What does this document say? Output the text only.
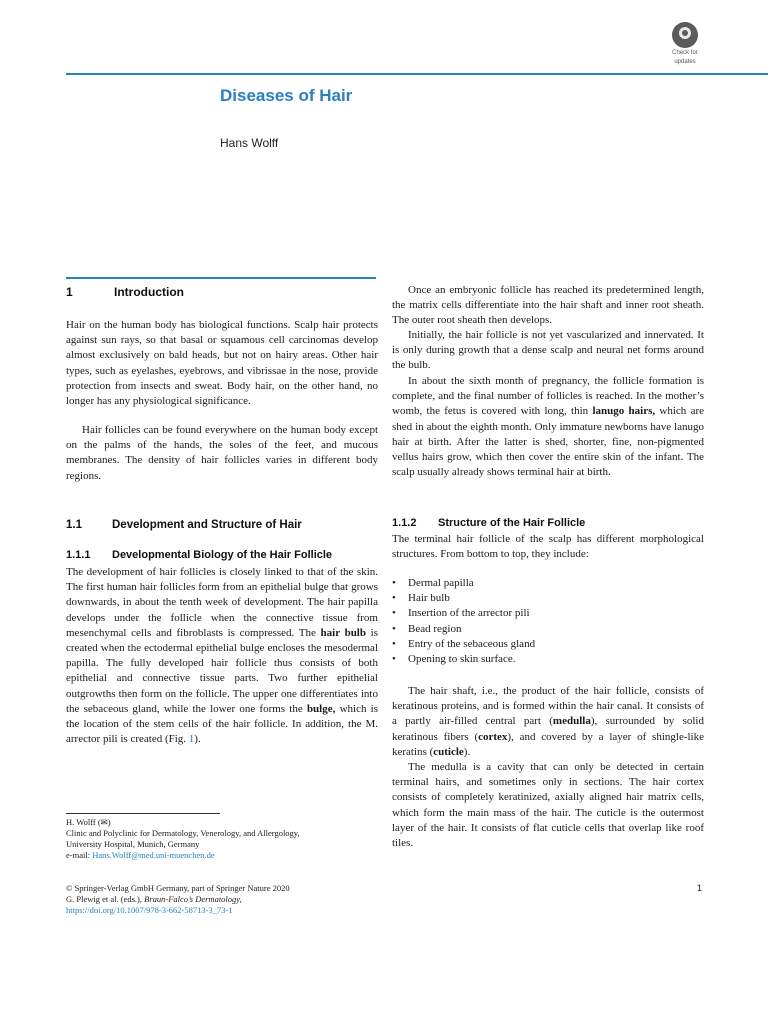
Check for
updates
Diseases of Hair
Hans Wolff
1	Introduction
Hair on the human body has biological functions. Scalp hair protects against sun rays, so that basal or squamous cell carcinomas develop almost exclusively on bald heads, but not on hairy areas. Other hair types, such as eyelashes, eyebrows, and vibrissae in the nose, provide protection from insects and sweat. Body hair, on the other hand, no longer has any physiological significance.
Hair follicles can be found everywhere on the human body except on the palms of the hands, the soles of the feet, and mucous membranes. The density of hair follicles varies in different body regions.
1.1	Development and Structure of Hair
1.1.1 Developmental Biology of the Hair Follicle
The development of hair follicles is closely linked to that of the skin. The first human hair follicles form from an epithelial bulge that grows downwards, in about the tenth week of development. The hair papilla develops under the follicle when the connective tissue from mesenchymal cells and fibroblasts is compressed. The hair bulb is created when the ectodermal epithelial bulge encloses the mesodermal papilla. The fully developed hair follicle thus consists of both epithelial and connective tissue parts. Two further epithelial outgrowths then form on the follicle. The upper one differentiates into the sebaceous gland, while the lower one forms the bulge, which is the location of the stem cells of the hair follicle. In addition, the M. arrector pili is created (Fig. 1).
Once an embryonic follicle has reached its predetermined length, the matrix cells differentiate into the hair shaft and inner root sheath. The outer root sheath then develops.
Initially, the hair follicle is not yet vascularized and innervated. It is only during growth that a dense scalp and neural net forms around the bulb.
In about the sixth month of pregnancy, the follicle formation is complete, and the final number of follicles is reached. In the mother’s womb, the fetus is covered with long, thin lanugo hairs, which are shed in about the eighth month. Only immature newborns have lanugo hair at birth. After the latter is shed, shorter, fine, non-pigmented vellus hairs grow, which then cover the entire skin of the infant. The scalp usually already shows terminal hair at birth.
1.1.2 Structure of the Hair Follicle
The terminal hair follicle of the scalp has different morphological structures. From bottom to top, they include:
• Dermal papilla
• Hair bulb
• Insertion of the arrector pili
• Bead region
• Entry of the sebaceous gland
• Opening to skin surface.
The hair shaft, i.e., the product of the hair follicle, consists of keratinous proteins, and is formed within the hair canal. It consists of a partly air-filled central part (medulla), surrounded by solid keratinous fibers (cortex), and covered by a layer of shingle-like keratins (cuticle).
The medulla is a cavity that can only be detected in certain terminal hairs, and sometimes only in sections. The hair cortex consists of completely keratinized, axially aligned hair matrix cells, which form the main mass of the hair. The cuticle is the outermost layer of the hair. It consists of flat cuticle cells that overlap like roof tiles.
H. Wolff (✉)
Clinic and Polyclinic for Dermatology, Venerology, and Allergology,
University Hospital, Munich, Germany
e-mail: Hans.Wolff@med.uni-muenchen.de
© Springer-Verlag GmbH Germany, part of Springer Nature 2020
G. Plewig et al. (eds.), Braun-Falco’s Dermatology,
https://doi.org/10.1007/978-3-662-58713-3_73-1
1
